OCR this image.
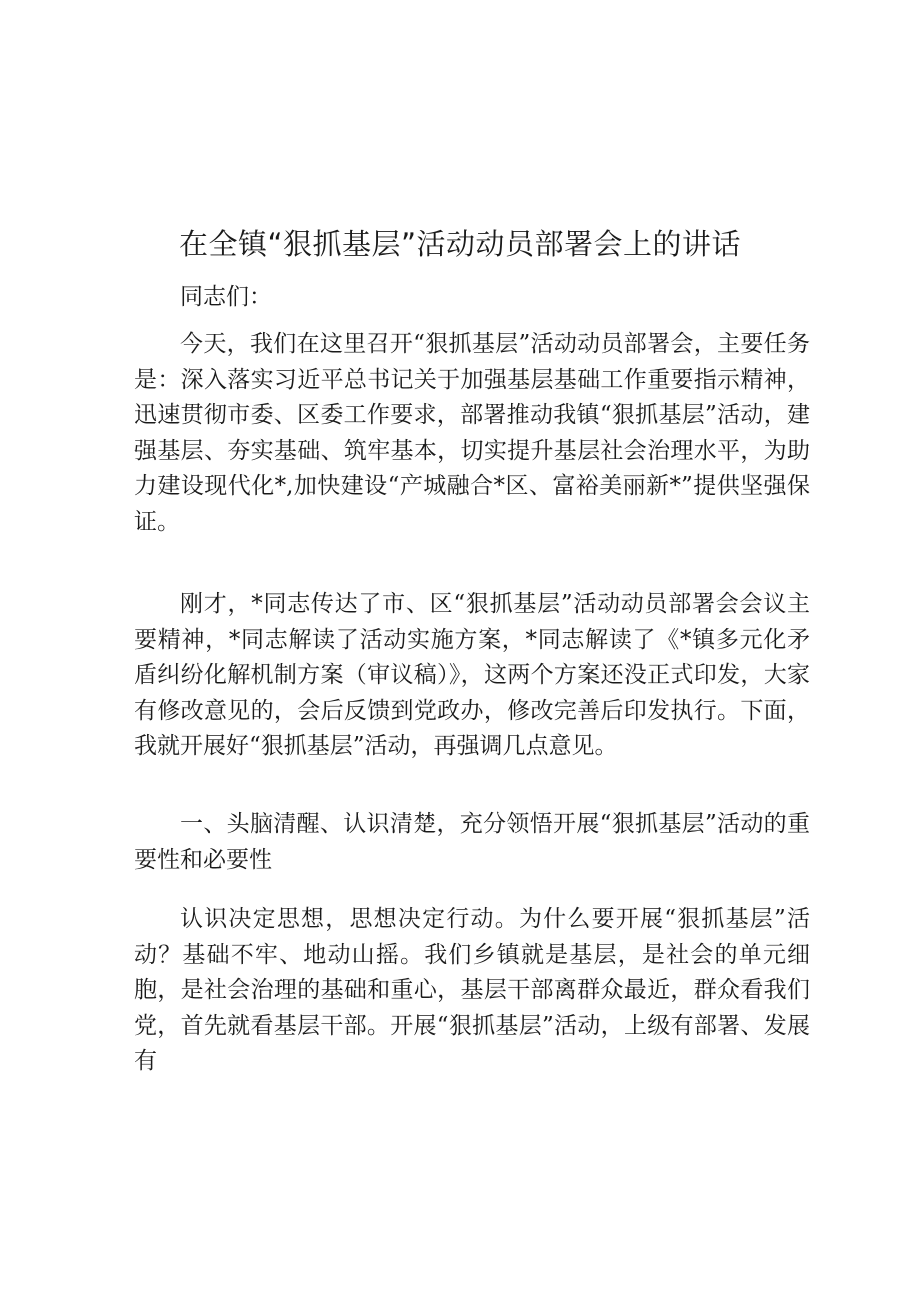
在全镇“狠抓基层”活动动员部署会上的讲话

同志们：

今天，我们在这里召开“狠抓基层”活动动员部署会，主要任务是：深入落实习近平总书记关于加强基层基础工作重要指示精神，迅速贯彻市委、区委工作要求，部署推动我镇“狠抓基层”活动，建强基层、夯实基础、筑牢基本，切实提升基层社会治理水平，为助力建设现代化*,加快建设“产城融合*区、富裕美丽新*”提供坚强保证。

刚才，*同志传达了市、区“狠抓基层”活动动员部署会会议主要精神，*同志解读了活动实施方案，*同志解读了《*镇多元化矛盾纠纷化解机制方案（审议稿）》，这两个方案还没正式印发，大家有修改意见的，会后反馈到党政办，修改完善后印发执行。下面，我就开展好“狠抓基层”活动，再强调几点意见。

一、头脑清醒、认识清楚，充分领悟开展“狠抓基层”活动的重要性和必要性

认识决定思想，思想决定行动。为什么要开展“狠抓基层”活动？基础不牢、地动山摇。我们乡镇就是基层，是社会的单元细胞，是社会治理的基础和重心，基层干部离群众最近，群众看我们党，首先就看基层干部。开展“狠抓基层”活动，上级有部署、发展有
